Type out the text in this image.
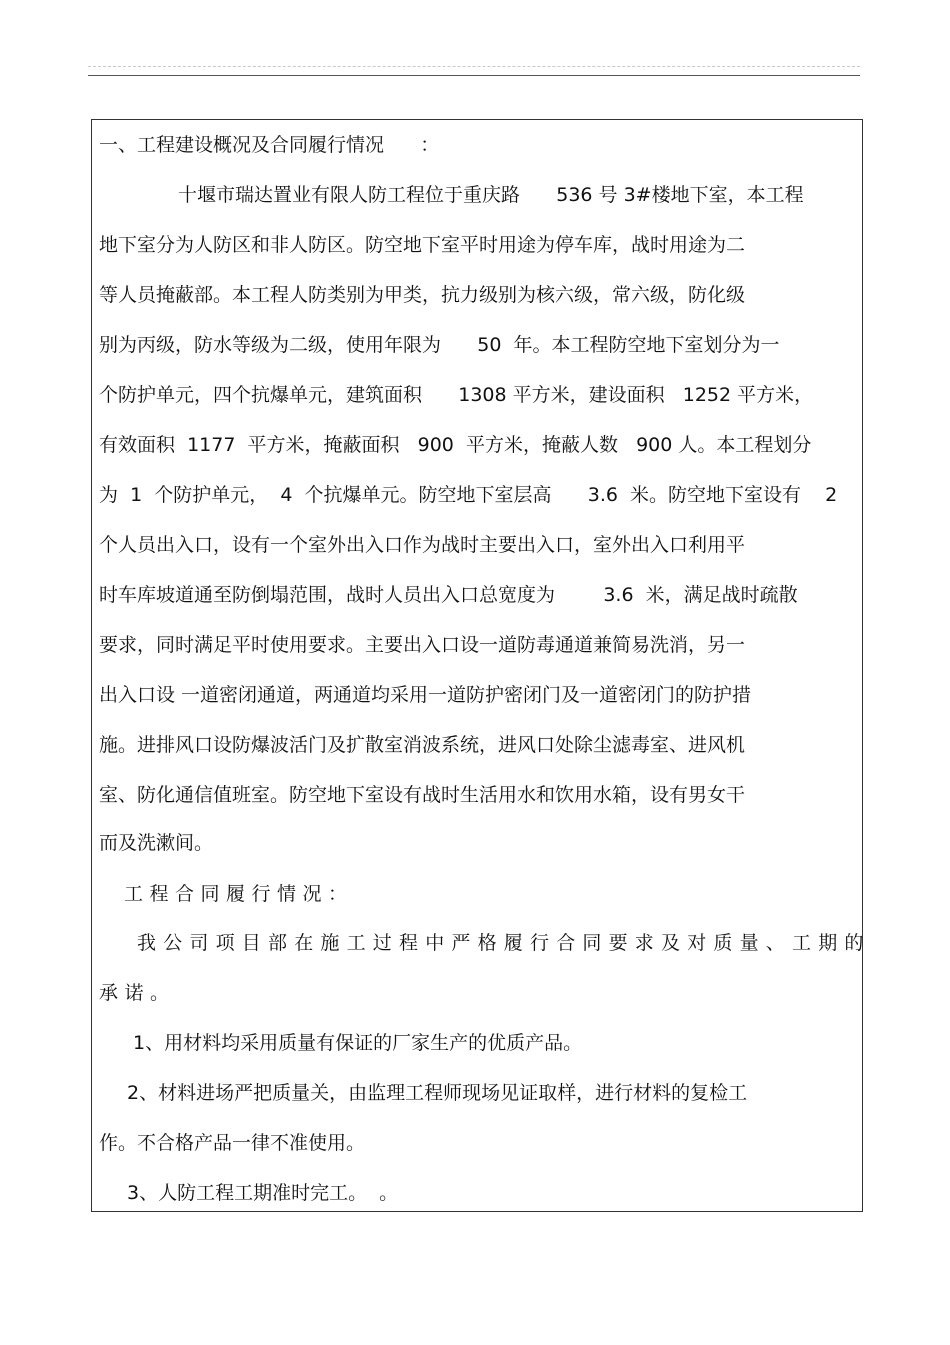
一、工程建设概况及合同履行情况      ：
十堰市瑞达置业有限人防工程位于重庆路      536 号 3#楼地下室，本工程
地下室分为人防区和非人防区。防空地下室平时用途为停车库，战时用途为二
等人员掩蔽部。本工程人防类别为甲类，抗力级别为核六级，常六级，防化级
别为丙级，防水等级为二级，使用年限为      50  年。本工程防空地下室划分为一
个防护单元，四个抗爆单元，建筑面积      1308 平方米，建设面积   1252 平方米，
有效面积  1177  平方米，掩蔽面积   900  平方米，掩蔽人数   900 人。本工程划分
为  1  个防护单元，  4  个抗爆单元。防空地下室层高      3.6  米。防空地下室设有    2
个人员出入口，设有一个室外出入口作为战时主要出入口，室外出入口利用平
时车库坡道通至防倒塌范围，战时人员出入口总宽度为        3.6  米，满足战时疏散
要求，同时满足平时使用要求。主要出入口设一道防毒通道兼简易洗消，另一
出入口设 一道密闭通道，两通道均采用一道防护密闭门及一道密闭门的防护措
施。进排风口设防爆波活门及扩散室消波系统，进风口处除尘滤毒室、进风机
室、防化通信值班室。防空地下室设有战时生活用水和饮用水箱，设有男女干
而及洗漱间。
工程合同履行情况：
我公司项目部在施工过程中严格履行合同要求及对质量、工期的
承诺。
1、用材料均采用质量有保证的厂家生产的优质产品。
2、材料进场严把质量关，由监理工程师现场见证取样，进行材料的复检工
作。不合格产品一律不准使用。
3、人防工程工期准时完工。  。
